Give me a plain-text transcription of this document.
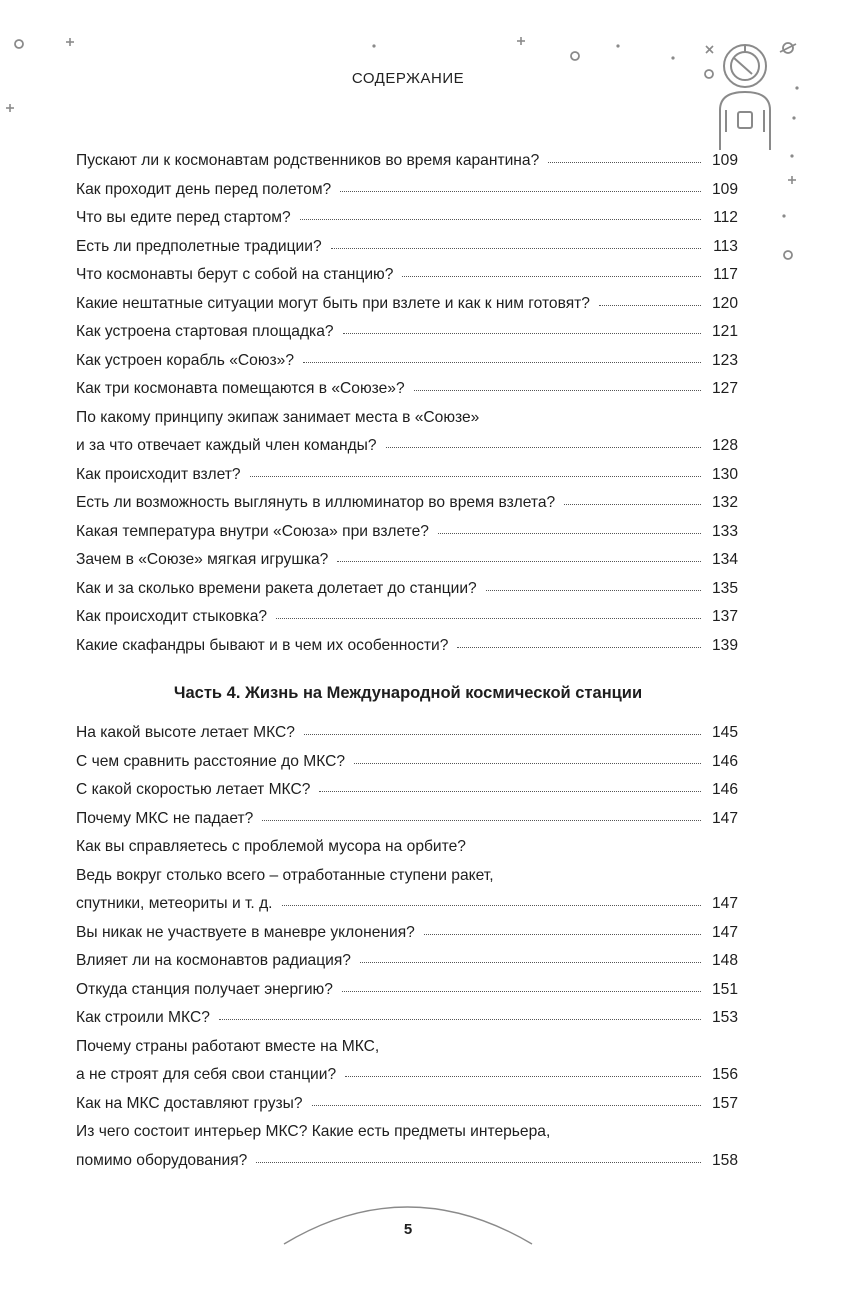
СОДЕРЖАНИЕ
Пускают ли к космонавтам родственников во время карантина?	109
Как проходит день перед полетом?	109
Что вы едите перед стартом?	112
Есть ли предполетные традиции?	113
Что космонавты берут с собой на станцию?	117
Какие нештатные ситуации могут быть при взлете и как к ним готовят?	120
Как устроена стартовая площадка?	121
Как устроен корабль «Союз»?	123
Как три космонавта помещаются в «Союзе»?	127
По какому принципу экипаж занимает места в «Союзе»
и за что отвечает каждый член команды?	128
Как происходит взлет?	130
Есть ли возможность выглянуть в иллюминатор во время взлета?	132
Какая температура внутри «Союза» при взлете?	133
Зачем в «Союзе» мягкая игрушка?	134
Как и за сколько времени ракета долетает до станции?	135
Как происходит стыковка?	137
Какие скафандры бывают и в чем их особенности?	139
Часть 4. Жизнь на Международной космической станции
На какой высоте летает МКС?	145
С чем сравнить расстояние до МКС?	146
С какой скоростью летает МКС?	146
Почему МКС не падает?	147
Как вы справляетесь с проблемой мусора на орбите?
Ведь вокруг столько всего – отработанные ступени ракет,
спутники, метеориты и т. д.	147
Вы никак не участвуете в маневре уклонения?	147
Влияет ли на космонавтов радиация?	148
Откуда станция получает энергию?	151
Как строили МКС?	153
Почему страны работают вместе на МКС,
а не строят для себя свои станции?	156
Как на МКС доставляют грузы?	157
Из чего состоит интерьер МКС? Какие есть предметы интерьера,
помимо оборудования?	158
5
